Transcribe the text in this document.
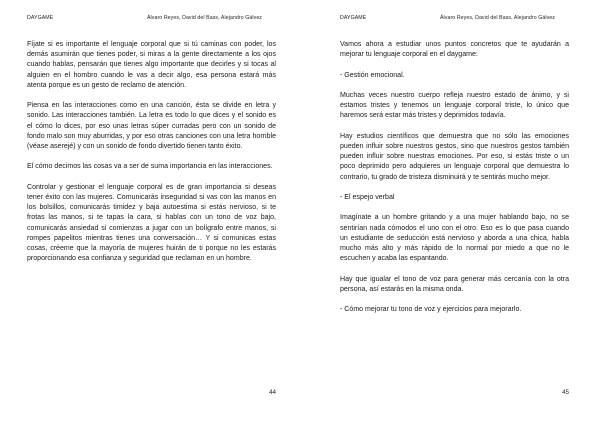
DAYGAME	Álvaro Reyes, David del Bass, Alejandro Gálvez

Fíjate si es importante el lenguaje corporal que si tú caminas con poder, los demás asumirán que tienes poder, si miras a la gente directamente a los ojos cuando hablas, pensarán que tienes algo importante que decirles y si tocas al alguien en el hombro cuando le vas a decir algo, esa persona estará más atenta porque es un gesto de reclamo de atención.

Piensa en las interacciones como en una canción, ésta se divide en letra y sonido. Las interacciones también. La letra es todo lo que dices y el sonido es el cómo lo dices, por eso unas letras súper curradas pero con un sonido de fondo malo son muy aburridas, y por eso otras canciones con una letra horrible (véase aserejé) y con un sonido de fondo divertido tienen tanto éxito.

El cómo decimos las cosas va a ser de suma importancia en las interacciones.

Controlar y gestionar el lenguaje corporal es de gran importancia si deseas tener éxito con las mujeres. Comunicarás inseguridad si vas con las manos en los bolsillos, comunicarás timidez y baja autoestima si estás nervioso, si te frotas las manos, si te tapas la cara, si hablas con un tono de voz bajo, comunicarás ansiedad si comienzas a jugar con un bolígrafo entre manos, si rompes papelitos mientras tienes una conversación… Y si comunicas estas cosas, créeme que la mayoría de mujeres huirán de ti porque no les estarás proporcionando esa confianza y seguridad que reclaman en un hombre.

44
DAYGAME	Álvaro Reyes, David del Bass, Alejandro Gálvez

Vamos ahora a estudiar unos puntos concretos que te ayudarán a mejorar tu lenguaje corporal en el daygame:

- Gestión emocional.

Muchas veces nuestro cuerpo refleja nuestro estado de ánimo, y si estamos tristes y tenemos un lenguaje corporal triste, lo único que haremos será estar más tristes y deprimidos todavía.

Hay estudios científicos que demuestra que no sólo las emociones pueden influir sobre nuestros gestos, sino que nuestros gestos también pueden influir sobre nuestras emociones. Por eso, si estás triste o un poco deprimido pero adquieres un lenguaje corporal que demuestra lo contrario, tu grado de tristeza disminuirá y te sentirás mucho mejor.

- El espejo verbal

Imagínate a un hombre gritando y a una mujer hablando bajo, no se sentirían nada cómodos el uno con el otro. Eso es lo que pasa cuando un estudiante de seducción está nervioso y aborda a una chica, habla mucho más alto y más rápido de lo normal por miedo a que no le escuchen y acaba las espantando.

Hay que igualar el tono de voz para generar más cercanía con la otra persona, así estarás en la misma onda.

- Cómo mejorar tu tono de voz y ejercicios para mejorarlo.

45
